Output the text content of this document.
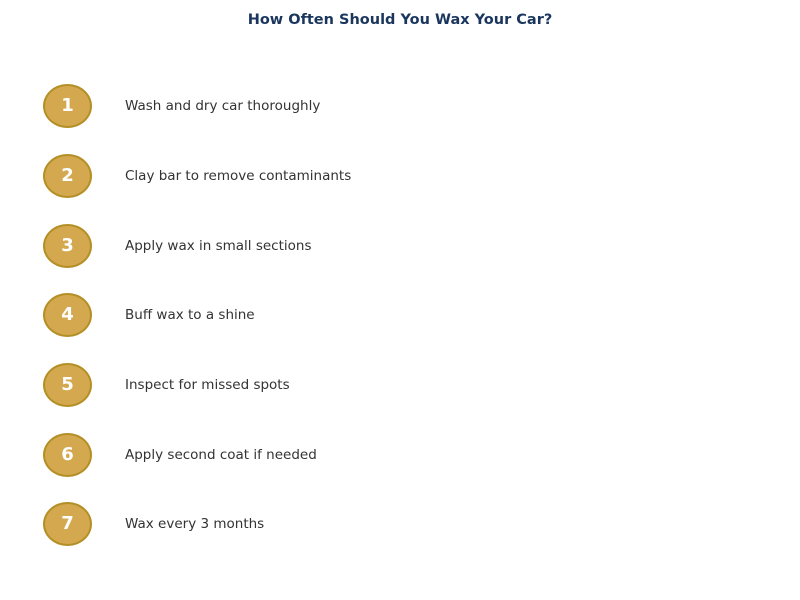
How Often Should You Wax Your Car?
1	Wash and dry car thoroughly
2	Clay bar to remove contaminants
3	Apply wax in small sections
4	Buff wax to a shine
5	Inspect for missed spots
6	Apply second coat if needed
7	Wax every 3 months
